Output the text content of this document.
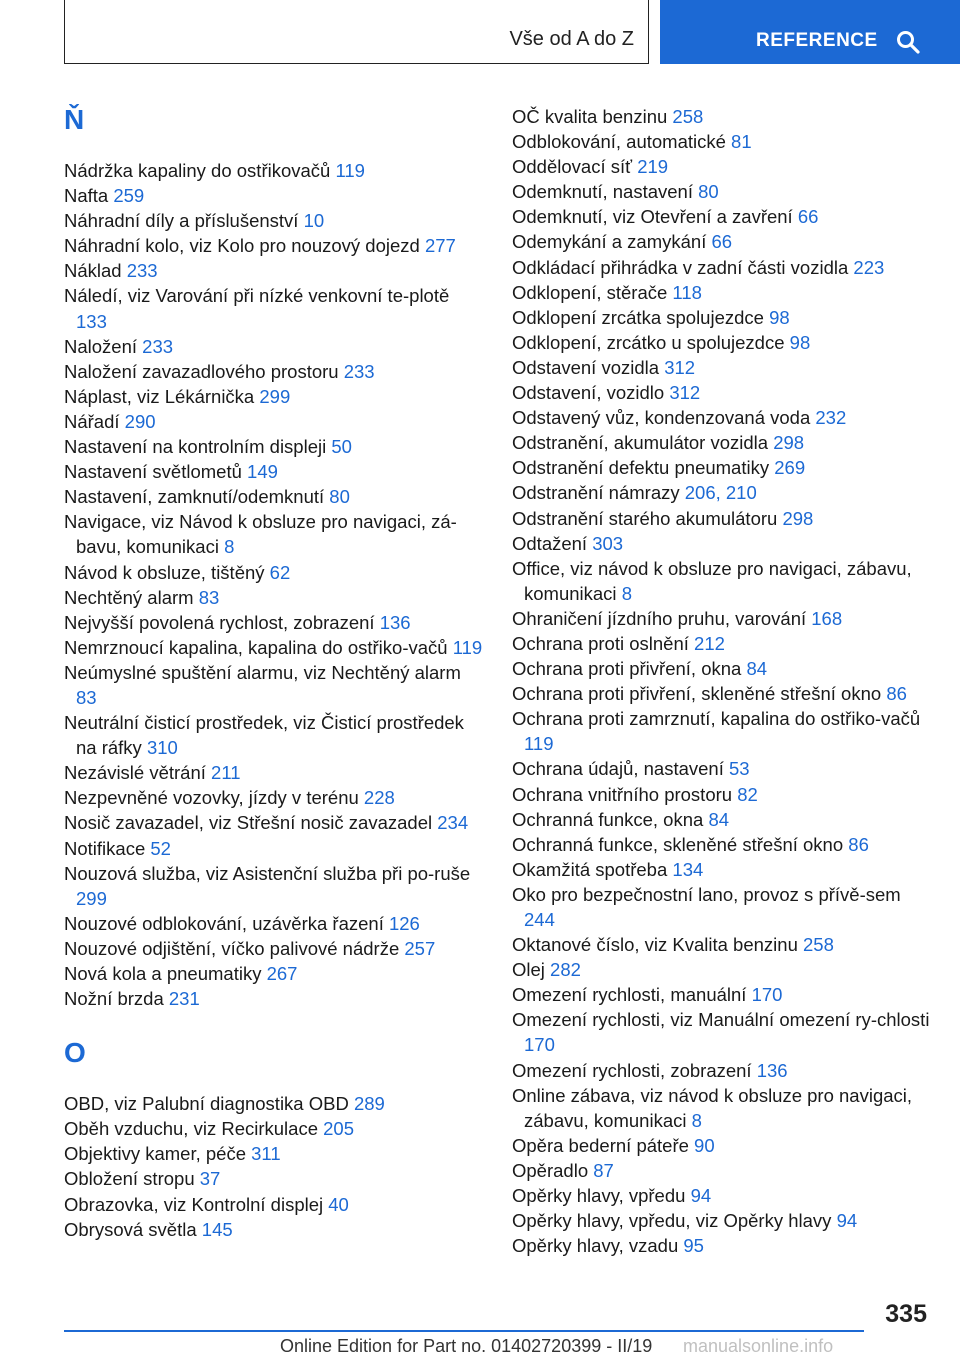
Vše od A do Z	REFERENCE
Ň

Nádržka kapaliny do ostřikovačů 119

Nafta 259

Náhradní díly a příslušenství 10

Náhradní kolo, viz Kolo pro nouzový dojezd 277

Náklad 233

Náledí, viz Varování při nízké venkovní te-plotě 133

Naložení 233

Naložení zavazadlového prostoru 233

Náplast, viz Lékárnička 299

Nářadí 290

Nastavení na kontrolním displeji 50

Nastavení světlometů 149

Nastavení, zamknutí/odemknutí 80

Navigace, viz Návod k obsluze pro navigaci, zá-bavu, komunikaci 8

Návod k obsluze, tištěný 62

Nechtěný alarm 83

Nejvyšší povolená rychlost, zobrazení 136

Nemrznoucí kapalina, kapalina do ostřiko-vačů 119

Neúmyslné spuštění alarmu, viz Nechtěný alarm 83

Neutrální čisticí prostředek, viz Čisticí prostředek na ráfky 310

Nezávislé větrání 211

Nezpevněné vozovky, jízdy v terénu 228

Nosič zavazadel, viz Střešní nosič zavazadel 234

Notifikace 52

Nouzová služba, viz Asistenční služba při po-ruše 299

Nouzové odblokování, uzávěrka řazení 126

Nouzové odjištění, víčko palivové nádrže 257

Nová kola a pneumatiky 267

Nožní brzda 231

O

OBD, viz Palubní diagnostika OBD 289

Oběh vzduchu, viz Recirkulace 205

Objektivy kamer, péče 311

Obložení stropu 37

Obrazovka, viz Kontrolní displej 40

Obrysová světla 145

OČ kvalita benzinu 258

Odblokování, automatické 81

Oddělovací síť 219

Odemknutí, nastavení 80

Odemknutí, viz Otevření a zavření 66

Odemykání a zamykání 66

Odkládací přihrádka v zadní části vozidla 223

Odklopení, stěrače 118

Odklopení zrcátka spolujezdce 98

Odklopení, zrcátko u spolujezdce 98

Odstavení vozidla 312

Odstavení, vozidlo 312

Odstavený vůz, kondenzovaná voda 232

Odstranění, akumulátor vozidla 298

Odstranění defektu pneumatiky 269

Odstranění námrazy 206, 210

Odstranění starého akumulátoru 298

Odtažení 303

Office, viz návod k obsluze pro navigaci, zábavu, komunikaci 8

Ohraničení jízdního pruhu, varování 168

Ochrana proti oslnění 212

Ochrana proti přivření, okna 84

Ochrana proti přivření, skleněné střešní okno 86

Ochrana proti zamrznutí, kapalina do ostřiko-vačů 119

Ochrana údajů, nastavení 53

Ochrana vnitřního prostoru 82

Ochranná funkce, okna 84

Ochranná funkce, skleněné střešní okno 86

Okamžitá spotřeba 134

Oko pro bezpečnostní lano, provoz s přívě-sem 244

Oktanové číslo, viz Kvalita benzinu 258

Olej 282

Omezení rychlosti, manuální 170

Omezení rychlosti, viz Manuální omezení ry-chlosti 170

Omezení rychlosti, zobrazení 136

Online zábava, viz návod k obsluze pro navigaci, zábavu, komunikaci 8

Opěra bederní páteře 90

Opěradlo 87

Opěrky hlavy, vpředu 94

Opěrky hlavy, vpředu, viz Opěrky hlavy 94

Opěrky hlavy, vzadu 95

335
Online Edition for Part no. 01402720399 - II/19 manualsonline.info
